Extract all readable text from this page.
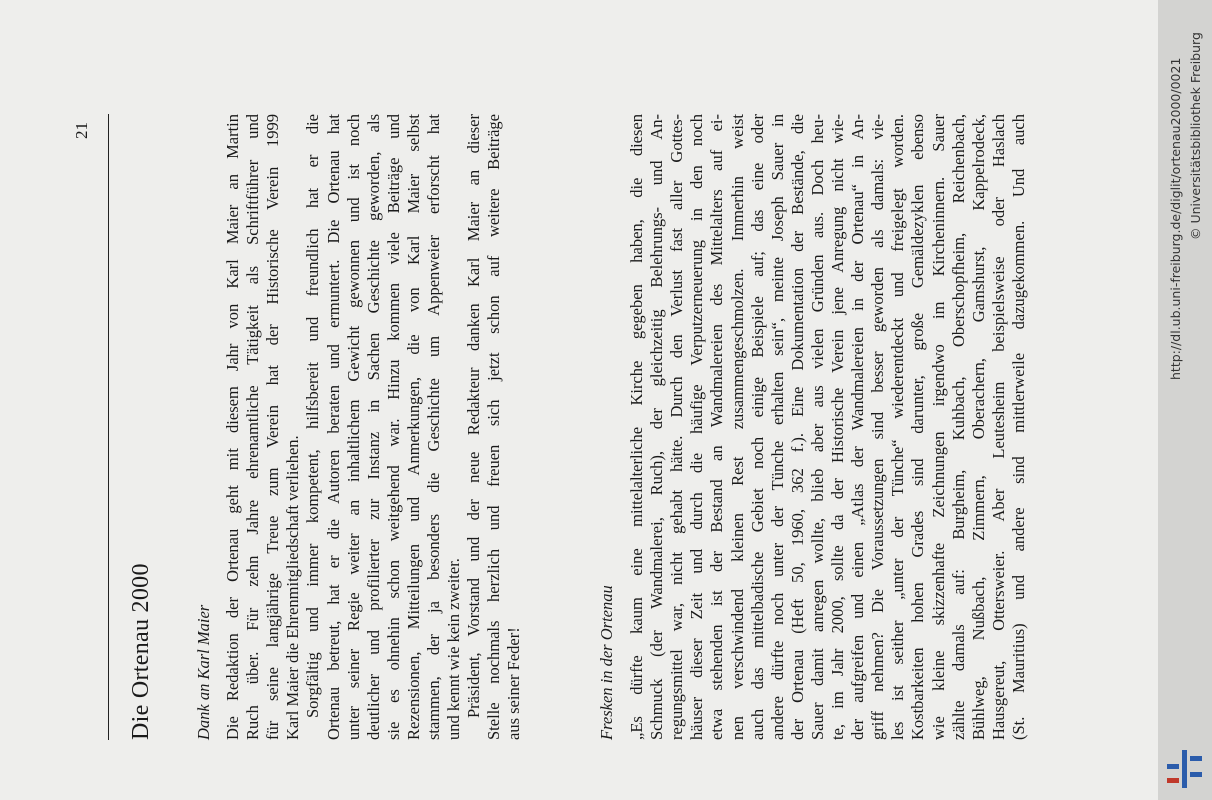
21
Die Ortenau 2000 Dank an Karl Maier Die Redaktion der Ortenau geht mit diesem Jahr von Karl Maier an Martin Ruch über. Für zehn Jahre ehrenamtliche Tätigkeit als Schriftführer und für seine langjährige Treue zum Verein hat der Historische Verein 1999 Karl Maier die Ehrenmitgliedschaft verliehen. Sorgfältig und immer kompetent, hilfsbereit und freundlich hat er die Ortenau betreut, hat er die Autoren beraten und ermuntert. Die Ortenau hat unter seiner Regie weiter an inhaltlichem Gewicht gewonnen und ist noch deutlicher und profilierter zur Instanz in Sachen Geschichte geworden, als sie es ohnehin schon weitgehend war. Hinzu kommen viele Beiträge und Rezensionen, Mitteilungen und Anmerkungen, die von Karl Maier selbst stammen, der ja besonders die Geschichte um Appenweier erforscht hat und kennt wie kein zweiter. Präsident, Vorstand und der neue Redakteur danken Karl Maier an dieser Stelle nochmals herzlich und freuen sich jetzt schon auf weitere Beiträge aus seiner Feder!	Fresken in der Ortenau „Es dürfte kaum eine mittelalterliche Kirche gegeben haben, die diesen Schmuck (der Wandmalerei, Ruch), der gleichzeitig Belehrungs- und An- regungsmittel war, nicht gehabt hätte. Durch den Verlust fast aller Gottes- häuser dieser Zeit und durch die häufige Verputzerneuerung in den noch etwa stehenden ist der Bestand an Wandmalereien des Mittelalters auf ei- nen verschwindend kleinen Rest zusammengeschmolzen. Immerhin weist auch das mittelbadische Gebiet noch einige Beispiele auf; das eine oder andere dürfte noch unter der Tünche erhalten sein“, meinte Joseph Sauer in der Ortenau (Heft 50, 1960, 362 f.). Eine Dokumentation der Bestände, die Sauer damit anregen wollte, blieb aber aus vielen Gründen aus. Doch heu- te, im Jahr 2000, sollte da der Historische Verein jene Anregung nicht wie- der aufgreifen und einen „Atlas der Wandmalereien in der Ortenau“ in An- griff nehmen? Die Voraussetzungen sind besser geworden als damals: vie- les ist seither „unter der Tünche“ wiederentdeckt und freigelegt worden. Kostbarkeiten hohen Grades sind darunter, große Gemäldezyklen ebenso wie kleine skizzenhafte Zeichnungen irgendwo im Kircheninnern. Sauer zählte damals auf: Burgheim, Kuhbach, Oberschopfheim, Reichenbach, Bühlweg, Nußbach, Zimmern, Oberachern, Gamshurst, Kappelrodeck, Hausgereut, Ottersweier. Aber Leutesheim beispielsweise oder Haslach (St. Mauritius) und andere sind mittlerweile dazugekommen. Und auch	http://dl.ub.uni-freiburg.de/diglit/ortenau2000/0021 © Universitätsbibliothek Freiburg
